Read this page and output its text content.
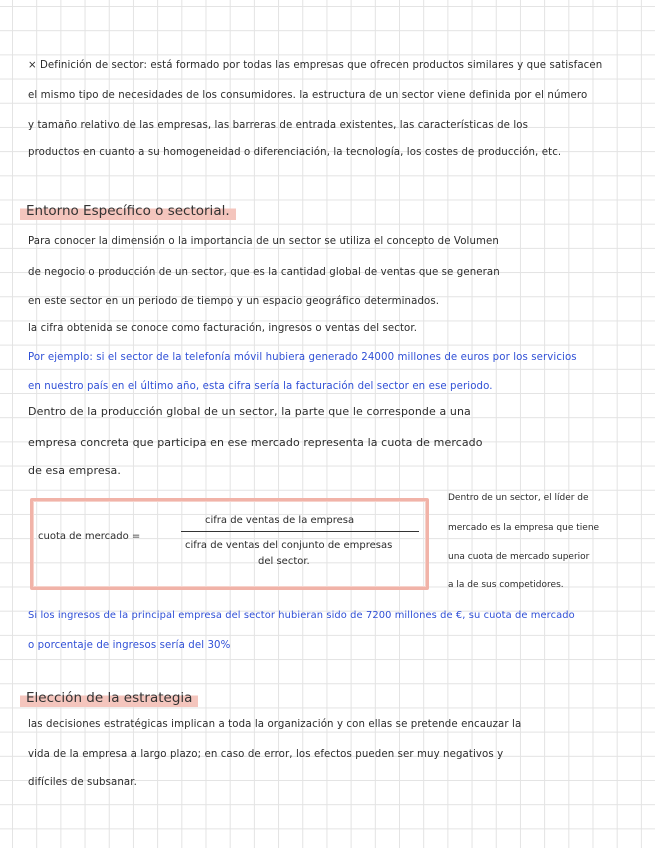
× Definición de sector: está formado por todas las empresas que ofrecen productos similares y que satisfacen
el mismo tipo de necesidades de los consumidores. la estructura de un sector viene definida por el número
y tamaño relativo de las empresas, las barreras de entrada existentes, las características de los
productos en cuanto a su homogeneidad o diferenciación, la tecnología, los costes de producción, etc.
Entorno Específico o sectorial.
Para conocer la dimensión o la importancia de un sector se utiliza el concepto de Volumen
de negocio o producción de un sector, que es la cantidad global de ventas que se generan
en este sector en un periodo de tiempo y un espacio geográfico determinados.
la cifra obtenida se conoce como facturación, ingresos o ventas del sector.
Por ejemplo: si el sector de la telefonía móvil hubiera generado 24000 millones de euros por los servicios
en nuestro país en el último año, esta cifra sería la facturación del sector en ese periodo.
Dentro de la producción global de un sector, la parte que le corresponde a una
empresa concreta que participa en ese mercado representa la cuota de mercado
de esa empresa.
cuota de mercado =
cifra de ventas de la empresa
cifra de ventas del conjunto de empresas
del sector.
Dentro de un sector, el líder de
mercado es la empresa que tiene
una cuota de mercado superior
a la de sus competidores.
Si los ingresos de la principal empresa del sector hubieran sido de 7200 millones de €, su cuota de mercado
o porcentaje de ingresos sería del 30%
Elección de la estrategia
las decisiones estratégicas implican a toda la organización y con ellas se pretende encauzar la
vida de la empresa a largo plazo; en caso de error, los efectos pueden ser muy negativos y
difíciles de subsanar.
